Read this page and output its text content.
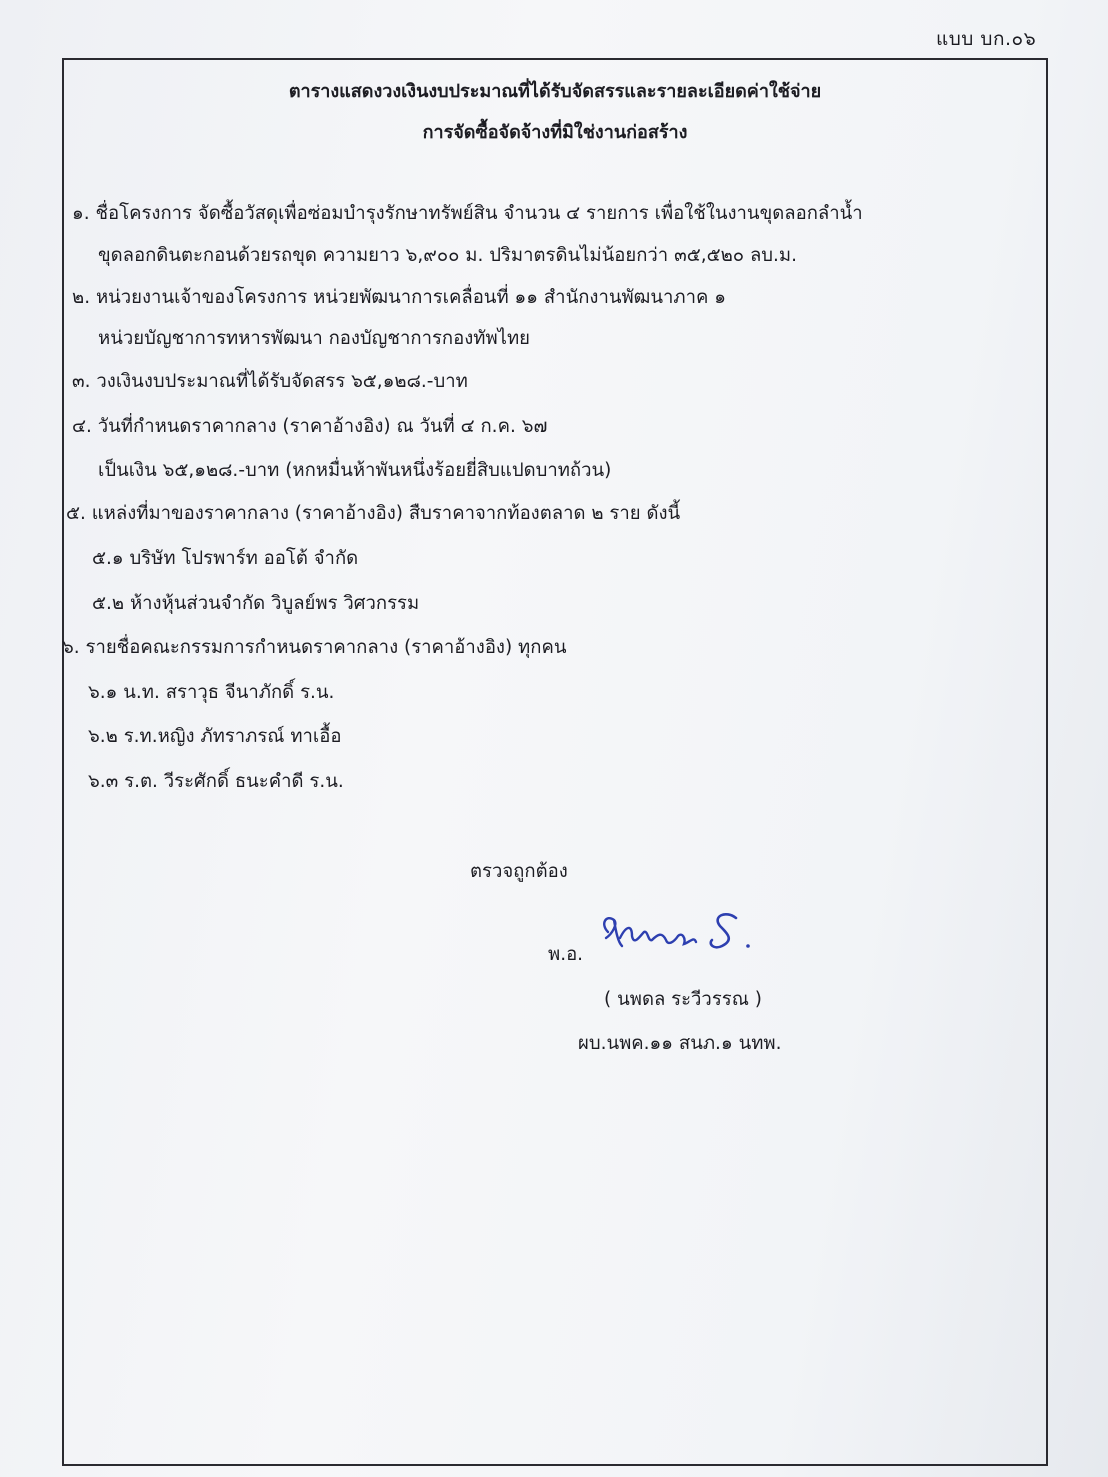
แบบ บก.๐๖
ตารางแสดงวงเงินงบประมาณที่ได้รับจัดสรรและรายละเอียดค่าใช้จ่าย
การจัดซื้อจัดจ้างที่มิใช่งานก่อสร้าง
๑. ชื่อโครงการ จัดซื้อวัสดุเพื่อซ่อมบำรุงรักษาทรัพย์สิน จำนวน ๔ รายการ เพื่อใช้ในงานขุดลอกลำน้ำ
ขุดลอกดินตะกอนด้วยรถขุด ความยาว ๖,๙๐๐ ม. ปริมาตรดินไม่น้อยกว่า ๓๕,๕๒๐ ลบ.ม.
๒. หน่วยงานเจ้าของโครงการ หน่วยพัฒนาการเคลื่อนที่ ๑๑ สำนักงานพัฒนาภาค ๑
หน่วยบัญชาการทหารพัฒนา กองบัญชาการกองทัพไทย
๓. วงเงินงบประมาณที่ได้รับจัดสรร ๖๕,๑๒๘.-บาท
๔. วันที่กำหนดราคากลาง (ราคาอ้างอิง) ณ วันที่ ๔ ก.ค. ๖๗
เป็นเงิน ๖๕,๑๒๘.-บาท (หกหมื่นห้าพันหนึ่งร้อยยี่สิบแปดบาทถ้วน)
๕. แหล่งที่มาของราคากลาง (ราคาอ้างอิง) สืบราคาจากท้องตลาด ๒ ราย ดังนี้
๕.๑ บริษัท โปรพาร์ท ออโต้ จำกัด
๕.๒ ห้างหุ้นส่วนจำกัด วิบูลย์พร วิศวกรรม
๖. รายชื่อคณะกรรมการกำหนดราคากลาง (ราคาอ้างอิง) ทุกคน
๖.๑ น.ท. สราวุธ จีนาภักดิ์ ร.น.
๖.๒ ร.ท.หญิง ภัทราภรณ์ ทาเอื้อ
๖.๓ ร.ต. วีระศักดิ์ ธนะคำดี ร.น.
ตรวจถูกต้อง
พ.อ.
( นพดล ระวีวรรณ )
ผบ.นพค.๑๑ สนภ.๑ นทพ.
